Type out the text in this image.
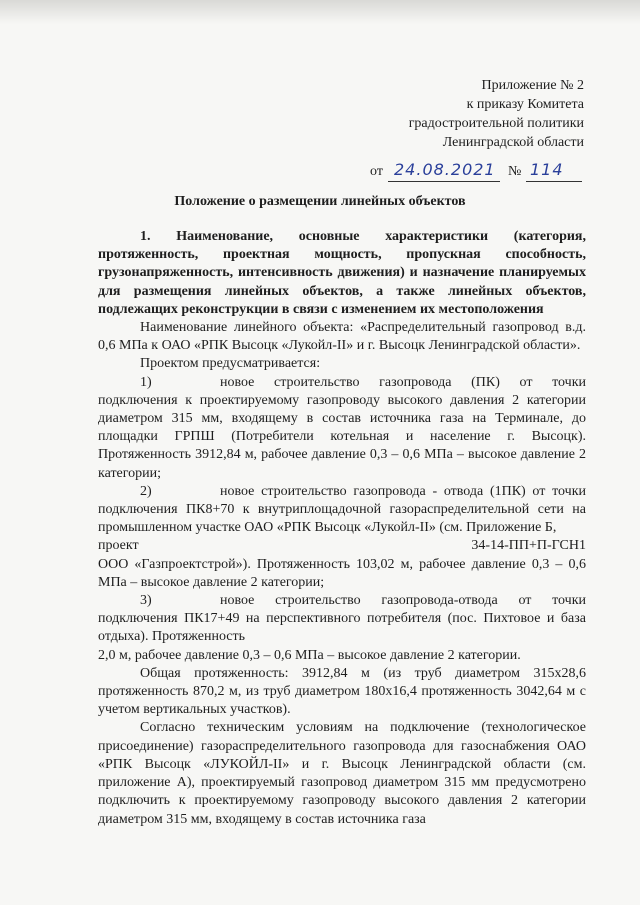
Приложение № 2
к приказу Комитета
градостроительной политики
Ленинградской области
от 24.08.2021 № 114
Положение о размещении линейных объектов

1. Наименование, основные характеристики (категория, протяженность, проектная мощность, пропускная способность, грузонапряженность, интенсивность движения) и назначение планируемых для размещения линейных объектов, а также линейных объектов, подлежащих реконструкции в связи с изменением их местоположения

Наименование линейного объекта: «Распределительный газопровод в.д. 0,6 МПа к ОАО «РПК Высоцк «Лукойл-II» и г. Высоцк Ленинградской области».

Проектом предусматривается:

1)	новое строительство газопровода (ПК) от точки подключения к проектируемому газопроводу высокого давления 2 категории диаметром 315 мм, входящему в состав источника газа на Терминале, до площадки ГРПШ (Потребители котельная и население г. Высоцк). Протяженность 3912,84 м, рабочее давление 0,3 – 0,6 МПа – высокое давление 2 категории;

2)	новое строительство газопровода - отвода (1ПК) от точки подключения ПК8+70 к внутриплощадочной газораспределительной сети на промышленном участке ОАО «РПК Высоцк «Лукойл-II» (см. Приложение Б,

проект	34-14-ПП+П-ГСН1

ООО «Газпроектстрой»). Протяженность 103,02 м, рабочее давление 0,3 – 0,6 МПа – высокое давление 2 категории;

3)	новое строительство газопровода-отвода от точки подключения ПК17+49 на перспективного потребителя (пос. Пихтовое и база отдыха). Протяженность

2,0 м, рабочее давление 0,3 – 0,6 МПа – высокое давление 2 категории.

Общая протяженность: 3912,84 м (из труб диаметром 315х28,6 протяженность 870,2 м, из труб диаметром 180х16,4 протяженность 3042,64 м с учетом вертикальных участков).

Согласно техническим условиям на подключение (технологическое присоединение) газораспределительного газопровода для газоснабжения ОАО «РПК Высоцк «ЛУКОЙЛ-II» и г. Высоцк Ленинградской области (см. приложение А), проектируемый газопровод диаметром 315 мм предусмотрено подключить к проектируемому газопроводу высокого давления 2 категории диаметром 315 мм, входящему в состав источника газа
